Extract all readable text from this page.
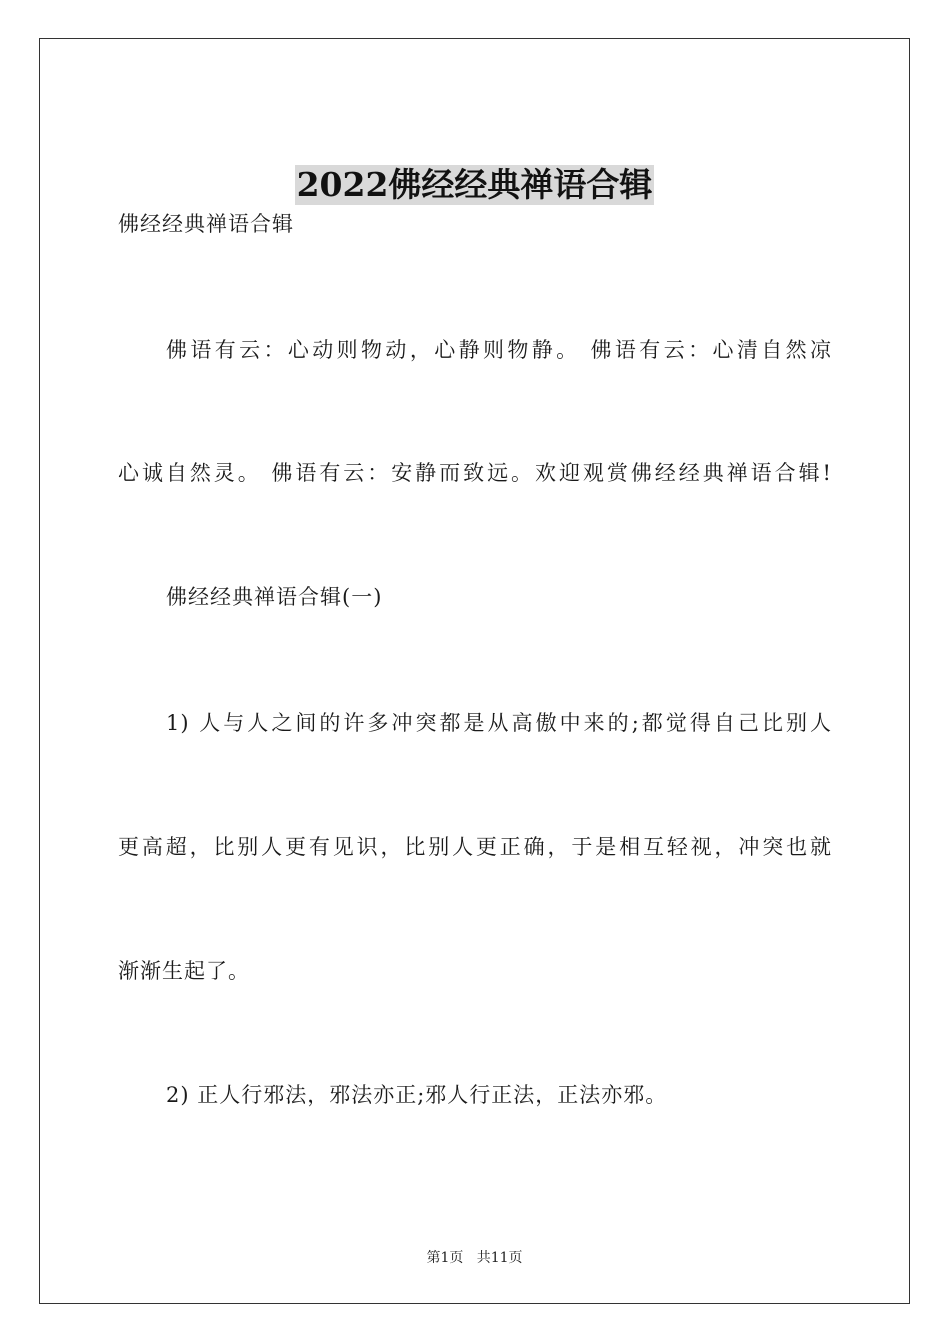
2022佛经经典禅语合辑
佛经经典禅语合辑
佛语有云：心动则物动，心静则物静。 佛语有云：心清自然凉
心诚自然灵。 佛语有云：安静而致远。欢迎观赏佛经经典禅语合辑!
佛经经典禅语合辑(一)
1) 人与人之间的许多冲突都是从高傲中来的;都觉得自己比别人
更高超，比别人更有见识，比别人更正确，于是相互轻视，冲突也就
渐渐生起了。
2) 正人行邪法，邪法亦正;邪人行正法，正法亦邪。
第1页 共11页
